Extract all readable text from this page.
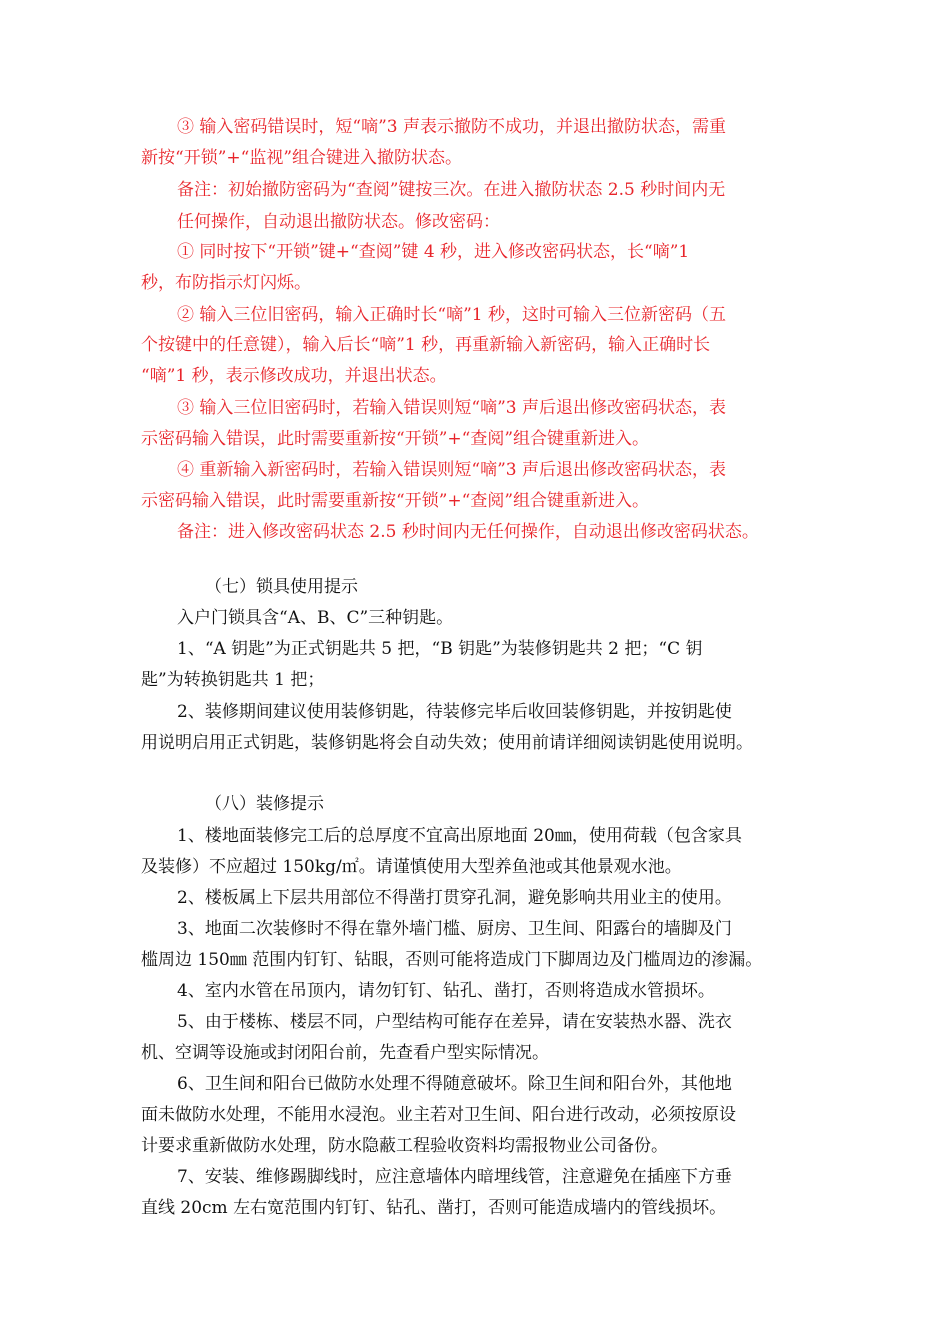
③ 输入密码错误时，短“嘀”3 声表示撤防不成功，并退出撤防状态，需重
新按“开锁”+“监视”组合键进入撤防状态。
备注：初始撤防密码为“查阅”键按三次。在进入撤防状态 2.5 秒时间内无
任何操作，自动退出撤防状态。修改密码：
① 同时按下“开锁”键+“查阅”键 4 秒，进入修改密码状态，长“嘀”1
秒，布防指示灯闪烁。
② 输入三位旧密码，输入正确时长“嘀”1 秒，这时可输入三位新密码（五
个按键中的任意键），输入后长“嘀”1 秒，再重新输入新密码，输入正确时长
“嘀”1 秒，表示修改成功，并退出状态。
③ 输入三位旧密码时，若输入错误则短“嘀”3 声后退出修改密码状态，表
示密码输入错误，此时需要重新按“开锁”+“查阅”组合键重新进入。
④ 重新输入新密码时，若输入错误则短“嘀”3 声后退出修改密码状态，表
示密码输入错误，此时需要重新按“开锁”+“查阅”组合键重新进入。
备注：进入修改密码状态 2.5 秒时间内无任何操作，自动退出修改密码状态。
（七）锁具使用提示
入户门锁具含“A、B、C”三种钥匙。
1、“A 钥匙”为正式钥匙共 5 把，“B 钥匙”为装修钥匙共 2 把；“C 钥
匙”为转换钥匙共 1 把；
2、装修期间建议使用装修钥匙，待装修完毕后收回装修钥匙，并按钥匙使
用说明启用正式钥匙，装修钥匙将会自动失效；使用前请详细阅读钥匙使用说明。
（八）装修提示
1、楼地面装修完工后的总厚度不宜高出原地面 20㎜，使用荷载（包含家具
及装修）不应超过 150kg/㎡。请谨慎使用大型养鱼池或其他景观水池。
2、楼板属上下层共用部位不得凿打贯穿孔洞，避免影响共用业主的使用。
3、地面二次装修时不得在靠外墙门槛、厨房、卫生间、阳露台的墙脚及门
槛周边 150㎜ 范围内钉钉、钻眼，否则可能将造成门下脚周边及门槛周边的渗漏。
4、室内水管在吊顶内，请勿钉钉、钻孔、凿打，否则将造成水管损坏。
5、由于楼栋、楼层不同，户型结构可能存在差异，请在安装热水器、洗衣
机、空调等设施或封闭阳台前，先查看户型实际情况。
6、卫生间和阳台已做防水处理不得随意破坏。除卫生间和阳台外，其他地
面未做防水处理，不能用水浸泡。业主若对卫生间、阳台进行改动，必须按原设
计要求重新做防水处理，防水隐蔽工程验收资料均需报物业公司备份。
7、安装、维修踢脚线时，应注意墙体内暗埋线管，注意避免在插座下方垂
直线 20cm 左右宽范围内钉钉、钻孔、凿打，否则可能造成墙内的管线损坏。
